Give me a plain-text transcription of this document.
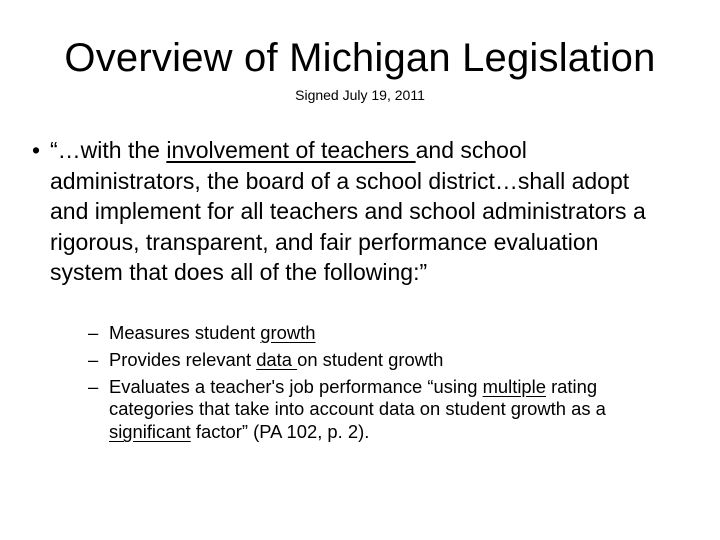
Overview of Michigan Legislation
Signed July 19, 2011
• “…with the involvement of teachers and school administrators, the board of a school district…shall adopt and implement for all teachers and school administrators a rigorous, transparent, and fair performance evaluation system that does all of the following:”
– Measures student growth
– Provides relevant data on student growth
– Evaluates a teacher's job performance “using multiple rating categories that take into account data on student growth as a significant factor” (PA 102, p. 2).
